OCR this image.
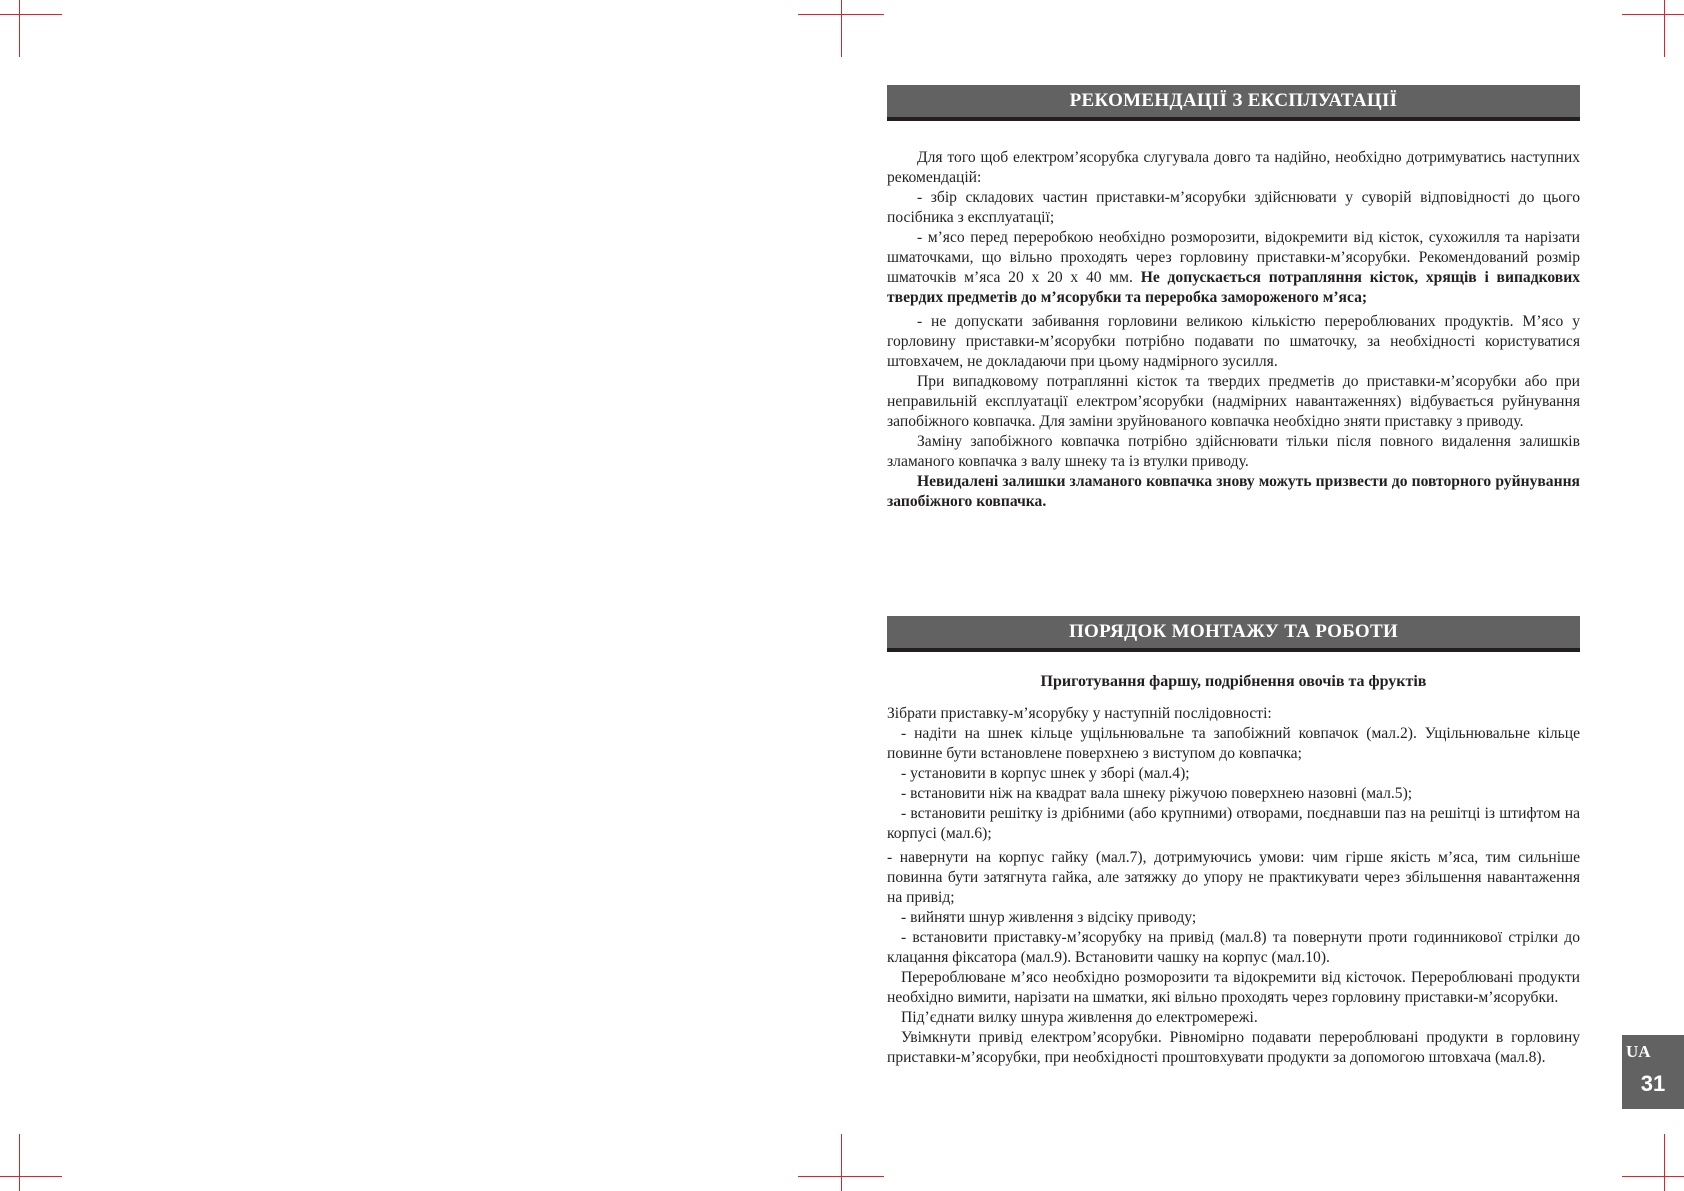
РЕКОМЕНДАЦІЇ З ЕКСПЛУАТАЦІЇ

Для того щоб електром’ясорубка слугувала довго та надійно, необхідно дотримуватись наступних рекомендацій:

- збір складових частин приставки-м’ясорубки здійснювати у суворій відповідності до цього посібника з експлуатації;

- м’ясо перед переробкою необхідно розморозити, відокремити від кісток, сухожилля та нарізати шматочками, що вільно проходять через горловину приставки-м’ясорубки. Рекомендований розмір шматочків м’яса 20 х 20 х 40 мм. Не допускається потрапляння кісток, хрящів і випадкових твердих предметів до м’ясорубки та переробка замороженого м’яса;

- не допускати забивання горловини великою кількістю перероблюваних продуктів. М’ясо у горловину приставки-м’ясорубки потрібно подавати по шматочку, за необхідності користуватися штовхачем, не докладаючи при цьому надмірного зусилля.

При випадковому потраплянні кісток та твердих предметів до приставки-м’ясорубки або при неправильній експлуатації електром’ясорубки (надмірних навантаженнях) відбувається руйнування запобіжного ковпачка. Для заміни зруйнованого ковпачка необхідно зняти приставку з приводу.

Заміну запобіжного ковпачка потрібно здійснювати тільки після повного видалення залишків зламаного ковпачка з валу шнеку та із втулки приводу.

Невидалені залишки зламаного ковпачка знову можуть призвести до повторного руйнування запобіжного ковпачка.

ПОРЯДОК МОНТАЖУ ТА РОБОТИ
Приготування фаршу, подрібнення овочів та фруктів

Зібрати приставку-м’ясорубку у наступній послідовності:

- надіти на шнек кільце ущільнювальне та запобіжний ковпачок (мал.2). Ущільнювальне кільце повинне бути встановлене поверхнею з виступом до ковпачка;

- установити в корпус шнек у зборі (мал.4);

- встановити ніж на квадрат вала шнеку ріжучою поверхнею назовні (мал.5);

- встановити решітку із дрібними (або крупними) отворами, поєднавши паз на решітці із штифтом на корпусі (мал.6);

- навернути на корпус гайку (мал.7), дотримуючись умови: чим гірше якість м’яса, тим сильніше повинна бути затягнута гайка, але затяжку до упору не практикувати через збільшення навантаження на привід;

- вийняти шнур живлення з відсіку приводу;

- встановити приставку-м’ясорубку на привід (мал.8) та повернути проти годинникової стрілки до клацання фіксатора (мал.9). Встановити чашку на корпус (мал.10).

Перероблюване м’ясо необхідно розморозити та відокремити від кісточок. Перероблювані продукти необхідно вимити, нарізати на шматки, які вільно проходять через горловину приставки-м’ясорубки.

Під’єднати вилку шнура живлення до електромережі.

Увімкнути привід електром’ясорубки. Рівномірно подавати перероблювані продукти в горловину приставки-м’ясорубки, при необхідності проштовхувати продукти за допомогою штовхача (мал.8).	UA
31
